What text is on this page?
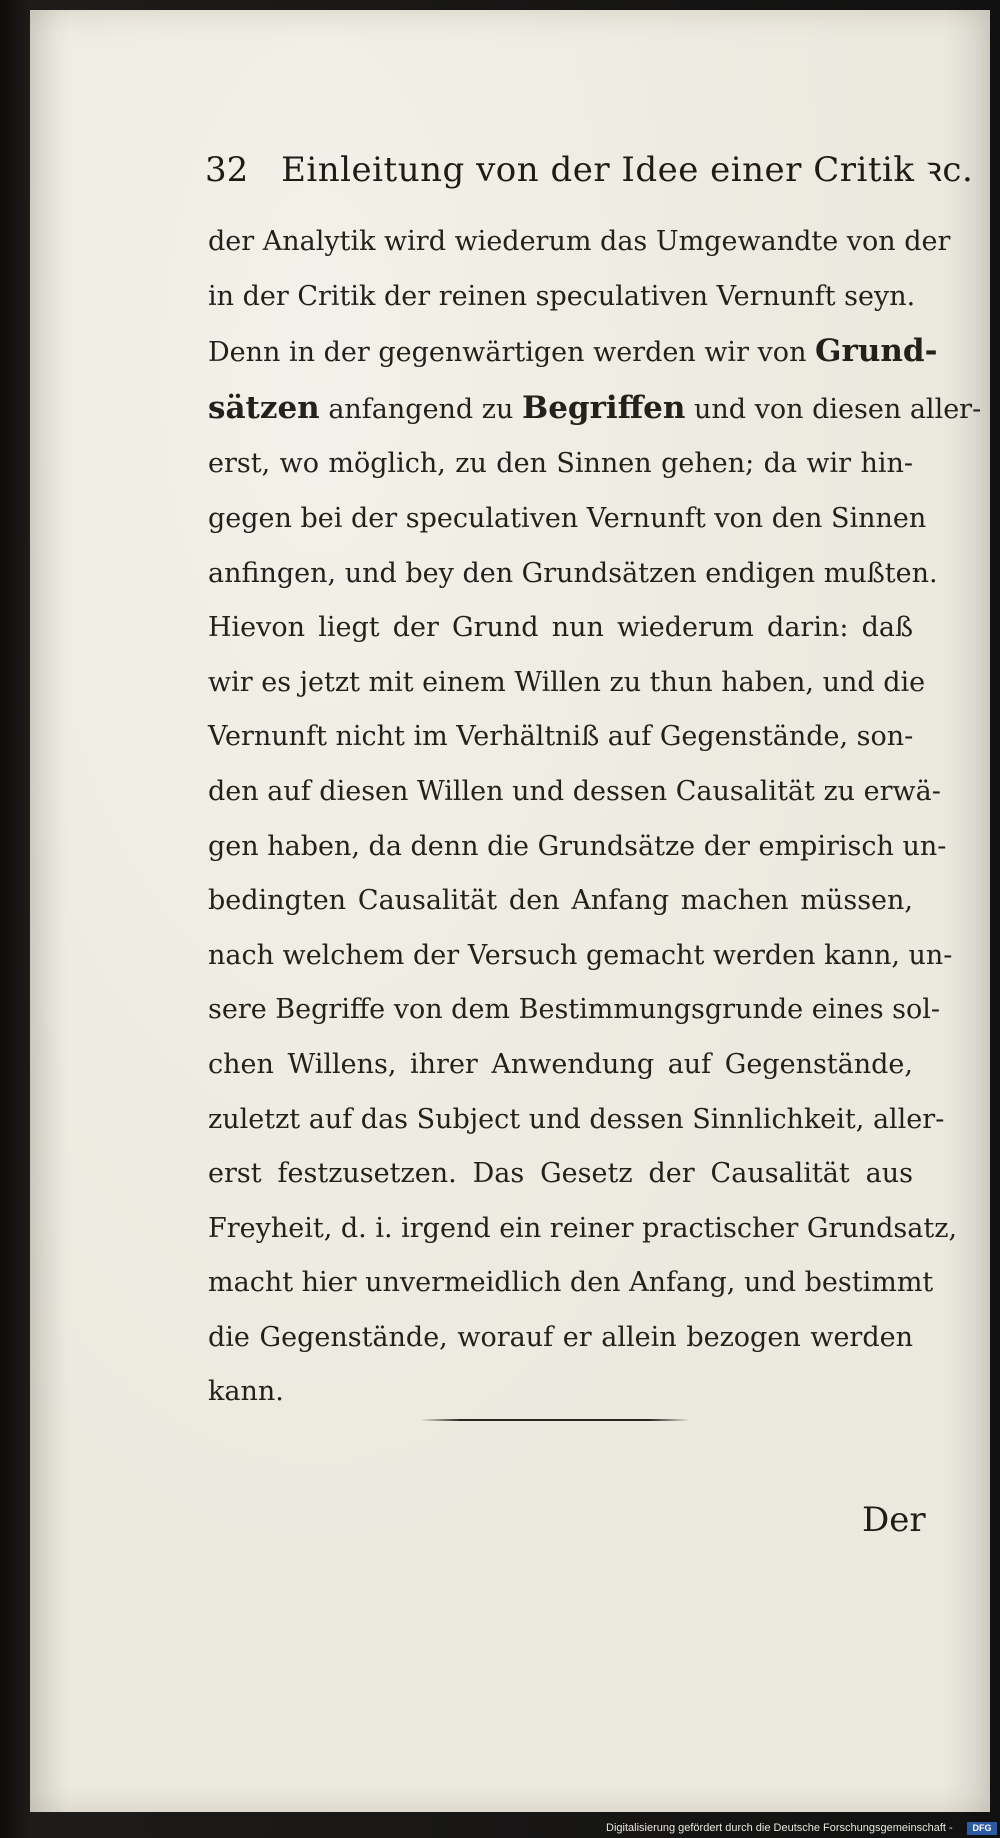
32 Einleitung von der Idee einer Critik ꝛc.
der Analytik wird wiederum das Umgewandte von der
in der Critik der reinen speculativen Vernunft seyn.
Denn in der gegenwärtigen werden wir von Grund-
sätzen anfangend zu Begriffen und von diesen aller-
erst, wo möglich, zu den Sinnen gehen; da wir hin-
gegen bei der speculativen Vernunft von den Sinnen
anfingen, und bey den Grundsätzen endigen mußten.
Hievon liegt der Grund nun wiederum darin: daß
wir es jetzt mit einem Willen zu thun haben, und die
Vernunft nicht im Verhältniß auf Gegenstände, son-
den auf diesen Willen und dessen Causalität zu erwä-
gen haben, da denn die Grundsätze der empirisch un-
bedingten Causalität den Anfang machen müssen,
nach welchem der Versuch gemacht werden kann, un-
sere Begriffe von dem Bestimmungsgrunde eines sol-
chen Willens, ihrer Anwendung auf Gegenstände,
zuletzt auf das Subject und dessen Sinnlichkeit, aller-
erst festzusetzen. Das Gesetz der Causalität aus
Freyheit, d. i. irgend ein reiner practischer Grundsatz,
macht hier unvermeidlich den Anfang, und bestimmt
die Gegenstände, worauf er allein bezogen werden
kann.
Der
Digitalisierung gefördert durch die Deutsche Forschungsgemeinschaft -	DFG
